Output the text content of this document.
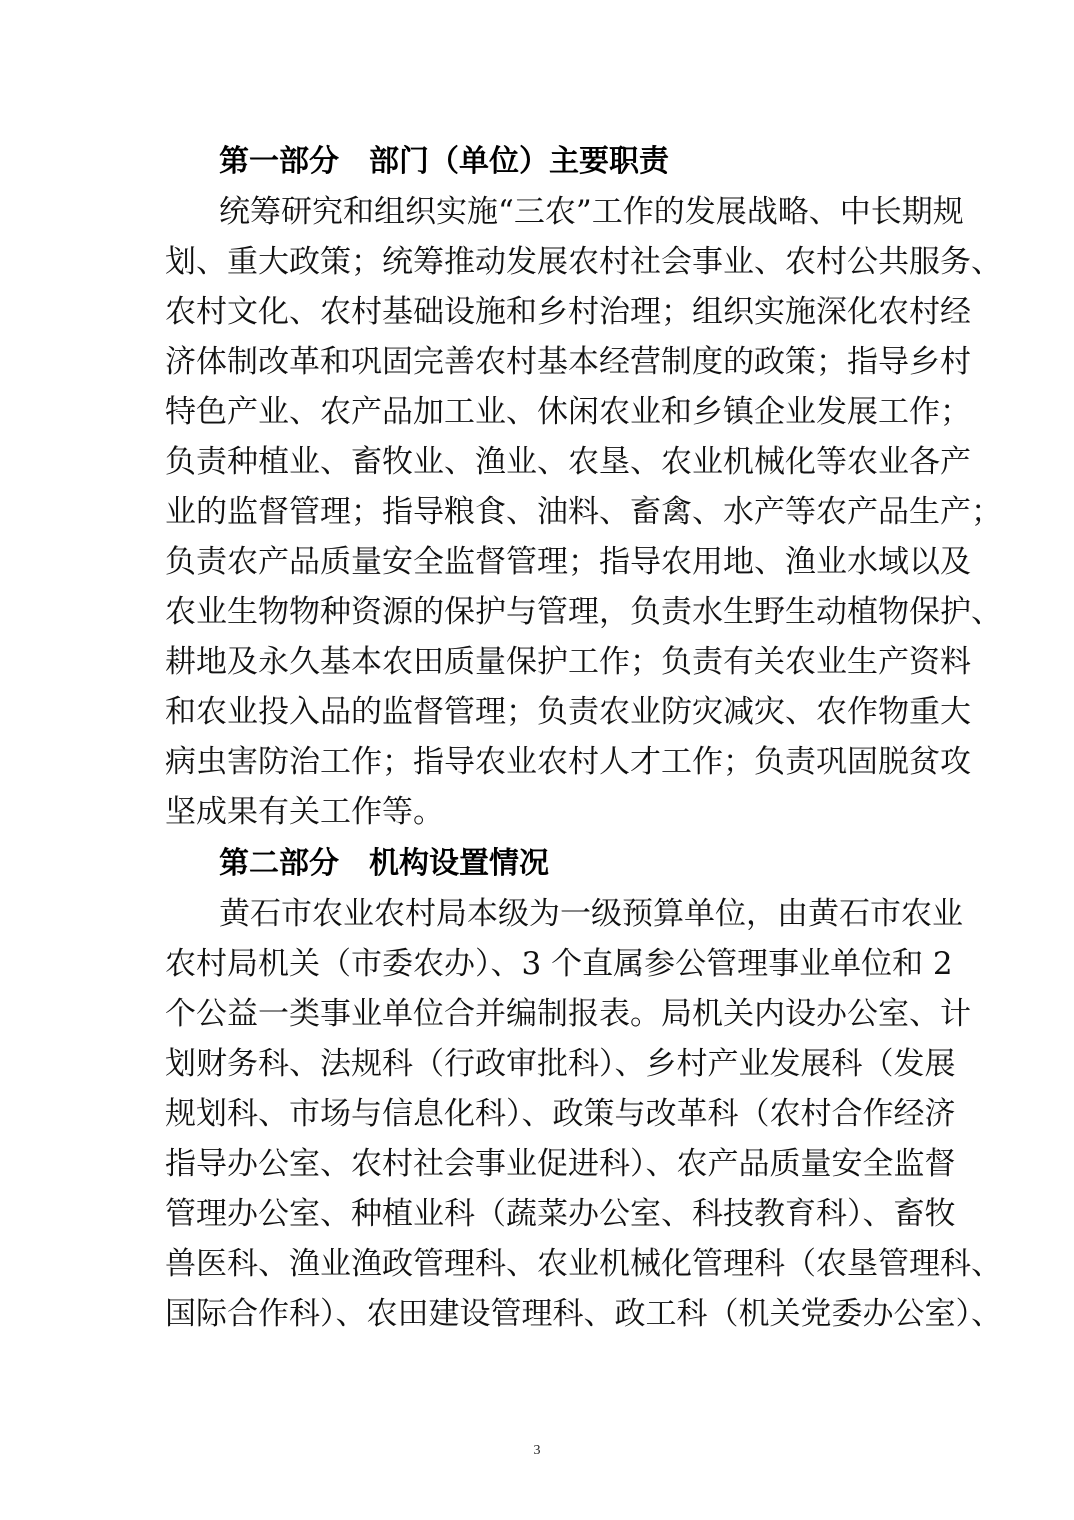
第一部分　部门（单位）主要职责
统筹研究和组织实施“三农”工作的发展战略、中长期规
划、重大政策；统筹推动发展农村社会事业、农村公共服务、
农村文化、农村基础设施和乡村治理；组织实施深化农村经
济体制改革和巩固完善农村基本经营制度的政策；指导乡村
特色产业、农产品加工业、休闲农业和乡镇企业发展工作；
负责种植业、畜牧业、渔业、农垦、农业机械化等农业各产
业的监督管理；指导粮食、油料、畜禽、水产等农产品生产；
负责农产品质量安全监督管理；指导农用地、渔业水域以及
农业生物物种资源的保护与管理，负责水生野生动植物保护、
耕地及永久基本农田质量保护工作；负责有关农业生产资料
和农业投入品的监督管理；负责农业防灾减灾、农作物重大
病虫害防治工作；指导农业农村人才工作；负责巩固脱贫攻
坚成果有关工作等。
第二部分　机构设置情况
黄石市农业农村局本级为一级预算单位，由黄石市农业
农村局机关（市委农办）、3 个直属参公管理事业单位和 2
个公益一类事业单位合并编制报表。局机关内设办公室、计
划财务科、法规科（行政审批科）、乡村产业发展科（发展
规划科、市场与信息化科）、政策与改革科（农村合作经济
指导办公室、农村社会事业促进科）、农产品质量安全监督
管理办公室、种植业科（蔬菜办公室、科技教育科）、畜牧
兽医科、渔业渔政管理科、农业机械化管理科（农垦管理科、
国际合作科）、农田建设管理科、政工科（机关党委办公室）、
3
